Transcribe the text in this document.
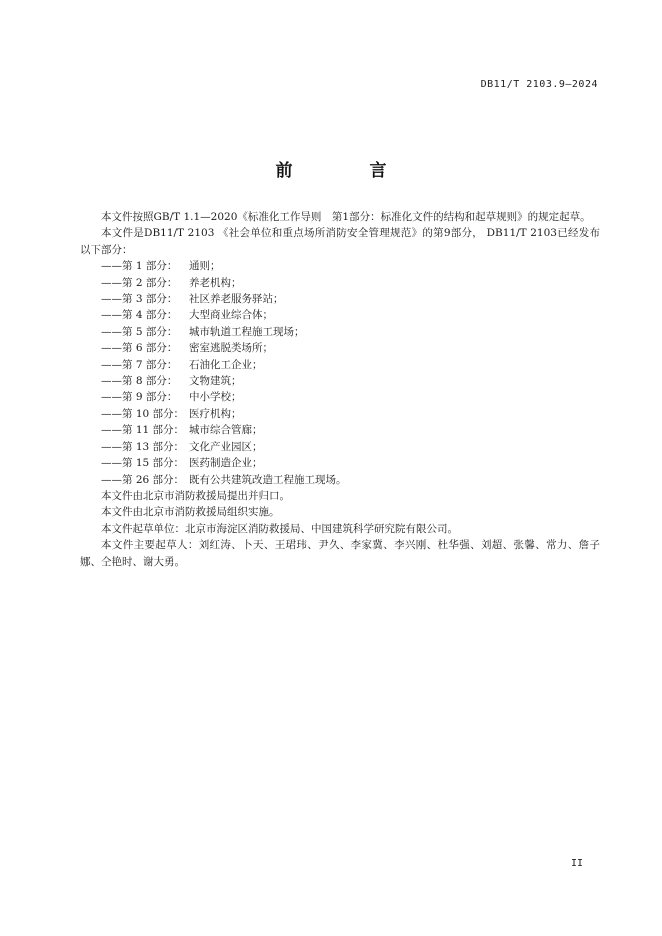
DB11/T 2103.9—2024
前　言

本文件按照GB/T 1.1—2020《标准化工作导则　第1部分：标准化文件的结构和起草规则》的规定起草。

本文件是DB11/T 2103 《社会单位和重点场所消防安全管理规范》的第9部分， DB11/T 2103已经发布以下部分：

——第 1 部分： 通则；
——第 2 部分： 养老机构；
——第 3 部分： 社区养老服务驿站；
——第 4 部分： 大型商业综合体；
——第 5 部分： 城市轨道工程施工现场；
——第 6 部分： 密室逃脱类场所；
——第 7 部分： 石油化工企业；
——第 8 部分： 文物建筑；
——第 9 部分： 中小学校；
——第 10 部分： 医疗机构；
——第 11 部分： 城市综合管廊；
——第 13 部分： 文化产业园区；
——第 15 部分： 医药制造企业；
——第 26 部分： 既有公共建筑改造工程施工现场。

本文件由北京市消防救援局提出并归口。

本文件由北京市消防救援局组织实施。

本文件起草单位：北京市海淀区消防救援局、中国建筑科学研究院有限公司。

本文件主要起草人：刘红涛、卜天、王珺玮、尹久、李家冀、李兴刚、杜华强、刘超、张馨、常力、詹子娜、仝艳时、谢大勇。

II
